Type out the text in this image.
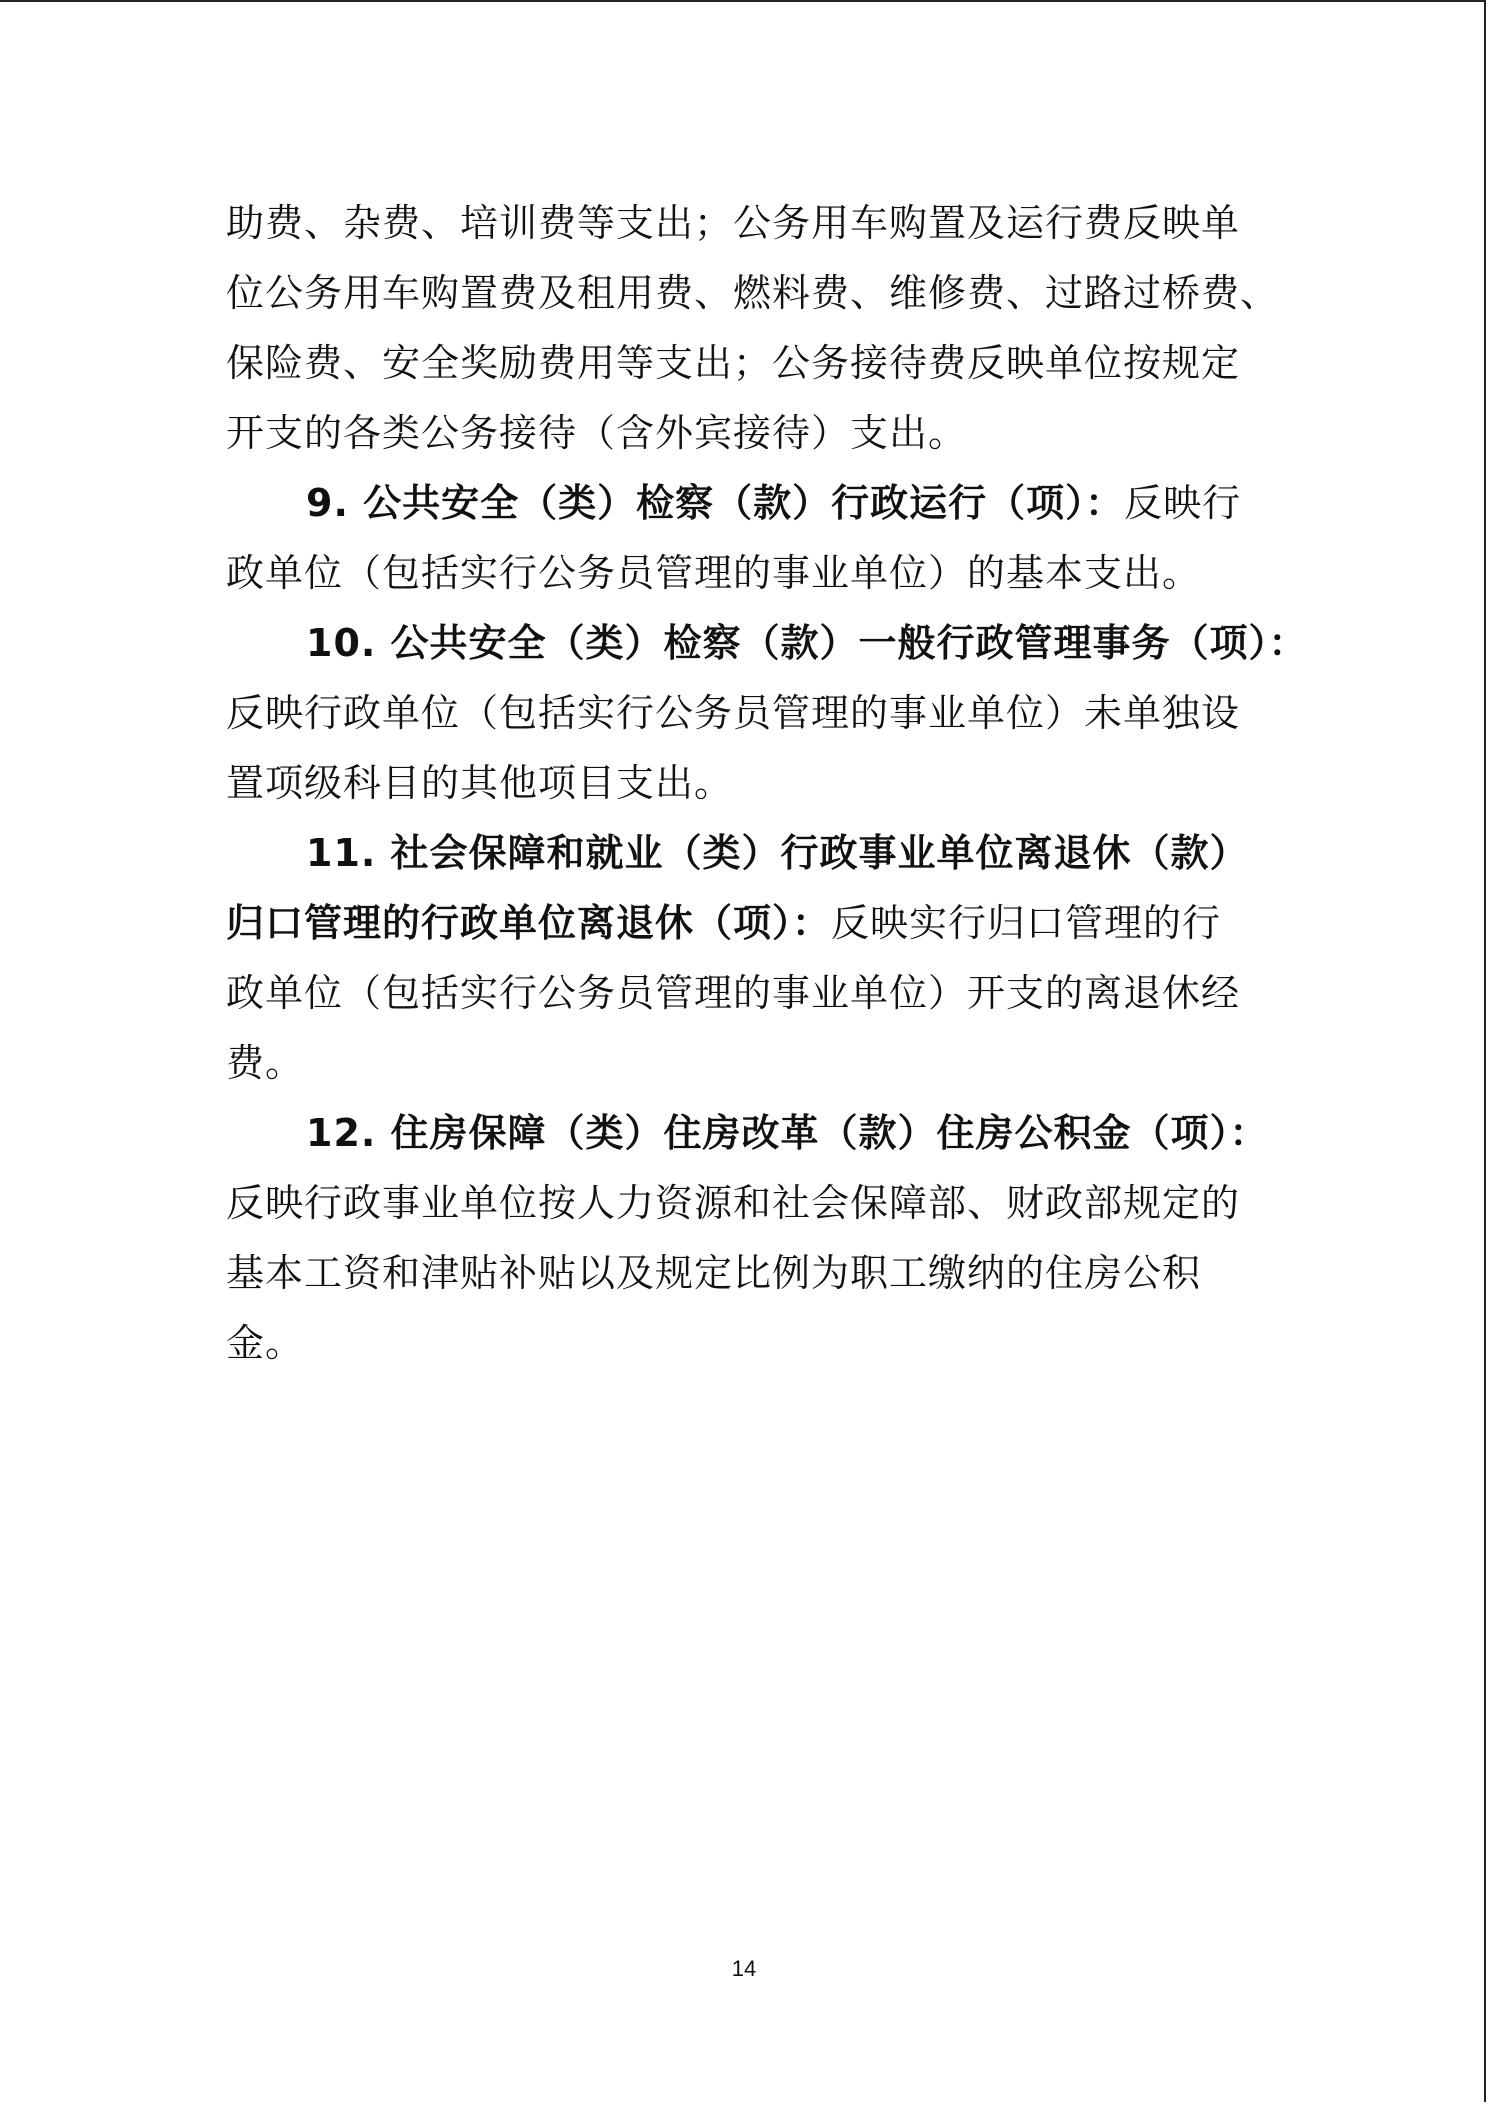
助费、杂费、培训费等支出；公务用车购置及运行费反映单
位公务用车购置费及租用费、燃料费、维修费、过路过桥费、
保险费、安全奖励费用等支出；公务接待费反映单位按规定
开支的各类公务接待（含外宾接待）支出。
9. 公共安全（类）检察（款）行政运行（项）：反映行
政单位（包括实行公务员管理的事业单位）的基本支出。
10. 公共安全（类）检察（款）一般行政管理事务（项）：
反映行政单位（包括实行公务员管理的事业单位）未单独设
置项级科目的其他项目支出。
11. 社会保障和就业（类）行政事业单位离退休（款）
归口管理的行政单位离退休（项）：反映实行归口管理的行
政单位（包括实行公务员管理的事业单位）开支的离退休经
费。
12. 住房保障（类）住房改革（款）住房公积金（项）：
反映行政事业单位按人力资源和社会保障部、财政部规定的
基本工资和津贴补贴以及规定比例为职工缴纳的住房公积
金。
14
